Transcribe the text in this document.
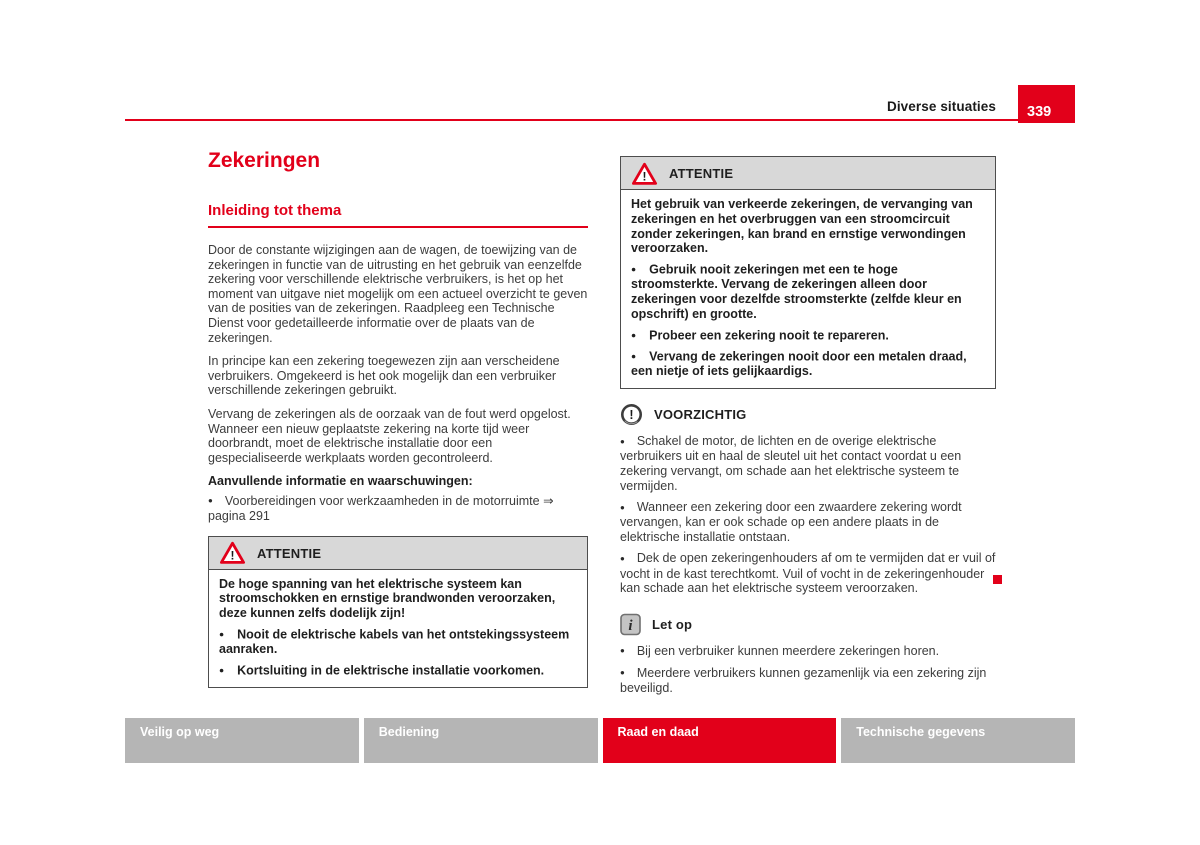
Diverse situaties 339
Zekeringen
Inleiding tot thema

Door de constante wijzigingen aan de wagen, de toewijzing van de zekeringen in functie van de uitrusting en het gebruik van eenzelfde zekering voor verschillende elektrische verbruikers, is het op het moment van uitgave niet mogelijk om een actueel overzicht te geven van de posities van de zekeringen. Raadpleeg een Technische Dienst voor gedetailleerde informatie over de plaats van de zekeringen.

In principe kan een zekering toegewezen zijn aan verscheidene verbruikers. Omgekeerd is het ook mogelijk dan een verbruiker verschillende zekeringen gebruikt.

Vervang de zekeringen als de oorzaak van de fout werd opgelost. Wanneer een nieuw geplaatste zekering na korte tijd weer doorbrandt, moet de elektrische installatie door een gespecialiseerde werkplaats worden gecontroleerd.

Aanvullende informatie en waarschuwingen:

● Voorbereidingen voor werkzaamheden in de motorruimte ⇒ pagina 291

! ATTENTIE

De hoge spanning van het elektrische systeem kan stroomschokken en ernstige brandwonden veroorzaken, deze kunnen zelfs dodelijk zijn!

● Nooit de elektrische kabels van het ontstekingssysteem aanraken.

● Kortsluiting in de elektrische installatie voorkomen.

! ATTENTIE

Het gebruik van verkeerde zekeringen, de vervanging van zekeringen en het overbruggen van een stroomcircuit zonder zekeringen, kan brand en ernstige verwondingen veroorzaken.

● Gebruik nooit zekeringen met een te hoge stroomsterkte. Vervang de zekeringen alleen door zekeringen voor dezelfde stroomsterkte (zelfde kleur en opschrift) en grootte.

● Probeer een zekering nooit te repareren.

● Vervang de zekeringen nooit door een metalen draad, een nietje of iets gelijkaardigs.

! VOORZICHTIG

● Schakel de motor, de lichten en de overige elektrische verbruikers uit en haal de sleutel uit het contact voordat u een zekering vervangt, om schade aan het elektrische systeem te vermijden.

● Wanneer een zekering door een zwaardere zekering wordt vervangen, kan er ook schade op een andere plaats in de elektrische installatie ontstaan.

● Dek de open zekeringenhouders af om te vermijden dat er vuil of vocht in de kast terechtkomt. Vuil of vocht in de zekeringenhouder kan schade aan het elektrische systeem veroorzaken.

i Let op

● Bij een verbruiker kunnen meerdere zekeringen horen.

● Meerdere verbruikers kunnen gezamenlijk via een zekering zijn beveiligd.

Veilig op weg	Bediening	Raad en daad	Technische gegevens
